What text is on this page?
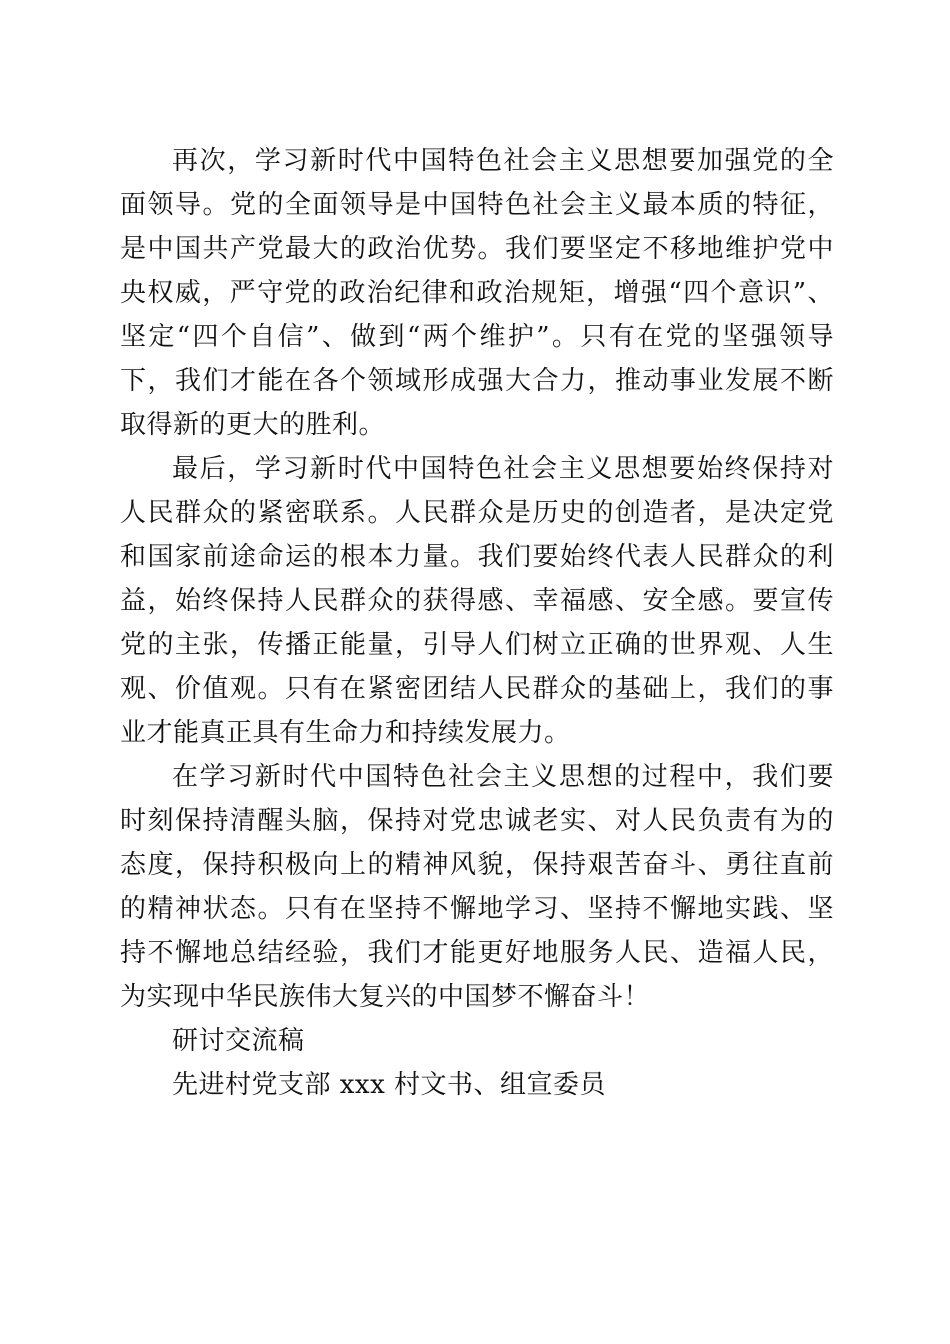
再次，学习新时代中国特色社会主义思想要加强党的全面领导。党的全面领导是中国特色社会主义最本质的特征，是中国共产党最大的政治优势。我们要坚定不移地维护党中央权威，严守党的政治纪律和政治规矩，增强“四个意识”、坚定“四个自信”、做到“两个维护”。只有在党的坚强领导下，我们才能在各个领域形成强大合力，推动事业发展不断取得新的更大的胜利。

最后，学习新时代中国特色社会主义思想要始终保持对人民群众的紧密联系。人民群众是历史的创造者，是决定党和国家前途命运的根本力量。我们要始终代表人民群众的利益，始终保持人民群众的获得感、幸福感、安全感。要宣传党的主张，传播正能量，引导人们树立正确的世界观、人生观、价值观。只有在紧密团结人民群众的基础上，我们的事业才能真正具有生命力和持续发展力。

在学习新时代中国特色社会主义思想的过程中，我们要时刻保持清醒头脑，保持对党忠诚老实、对人民负责有为的态度，保持积极向上的精神风貌，保持艰苦奋斗、勇往直前的精神状态。只有在坚持不懈地学习、坚持不懈地实践、坚持不懈地总结经验，我们才能更好地服务人民、造福人民，为实现中华民族伟大复兴的中国梦不懈奋斗！

研讨交流稿

先进村党支部 xxx 村文书、组宣委员
